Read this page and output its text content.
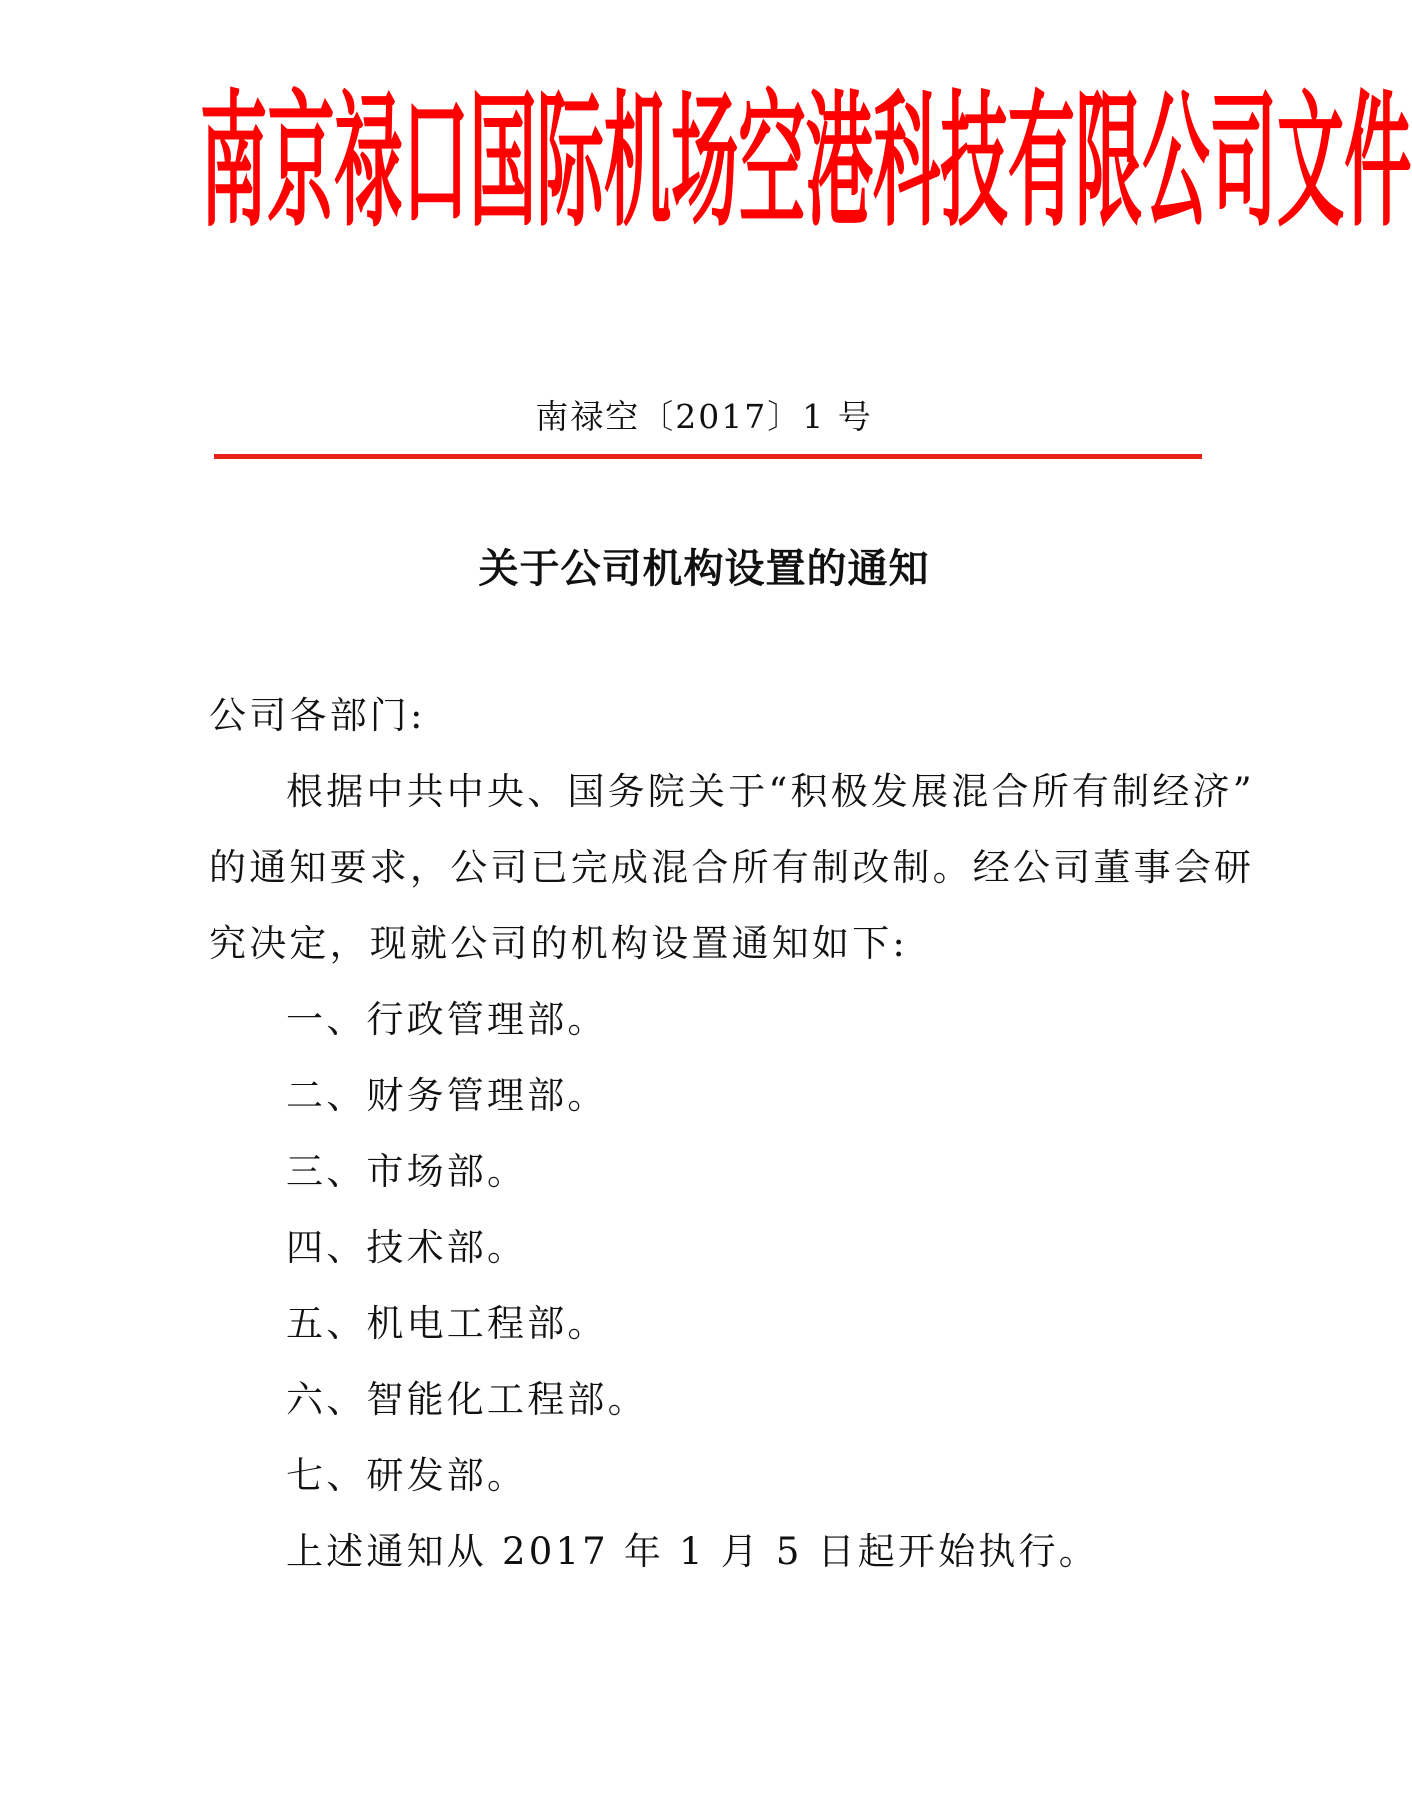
南京禄口国际机场空港科技有限公司文件
南禄空〔2017〕1 号
关于公司机构设置的通知
公司各部门:
根据中共中央、国务院关于“积极发展混合所有制经济”
的通知要求，公司已完成混合所有制改制。经公司董事会研
究决定，现就公司的机构设置通知如下:
一、行政管理部。
二、财务管理部。
三、市场部。
四、技术部。
五、机电工程部。
六、智能化工程部。
七、研发部。
上述通知从 2017 年 1 月 5 日起开始执行。
